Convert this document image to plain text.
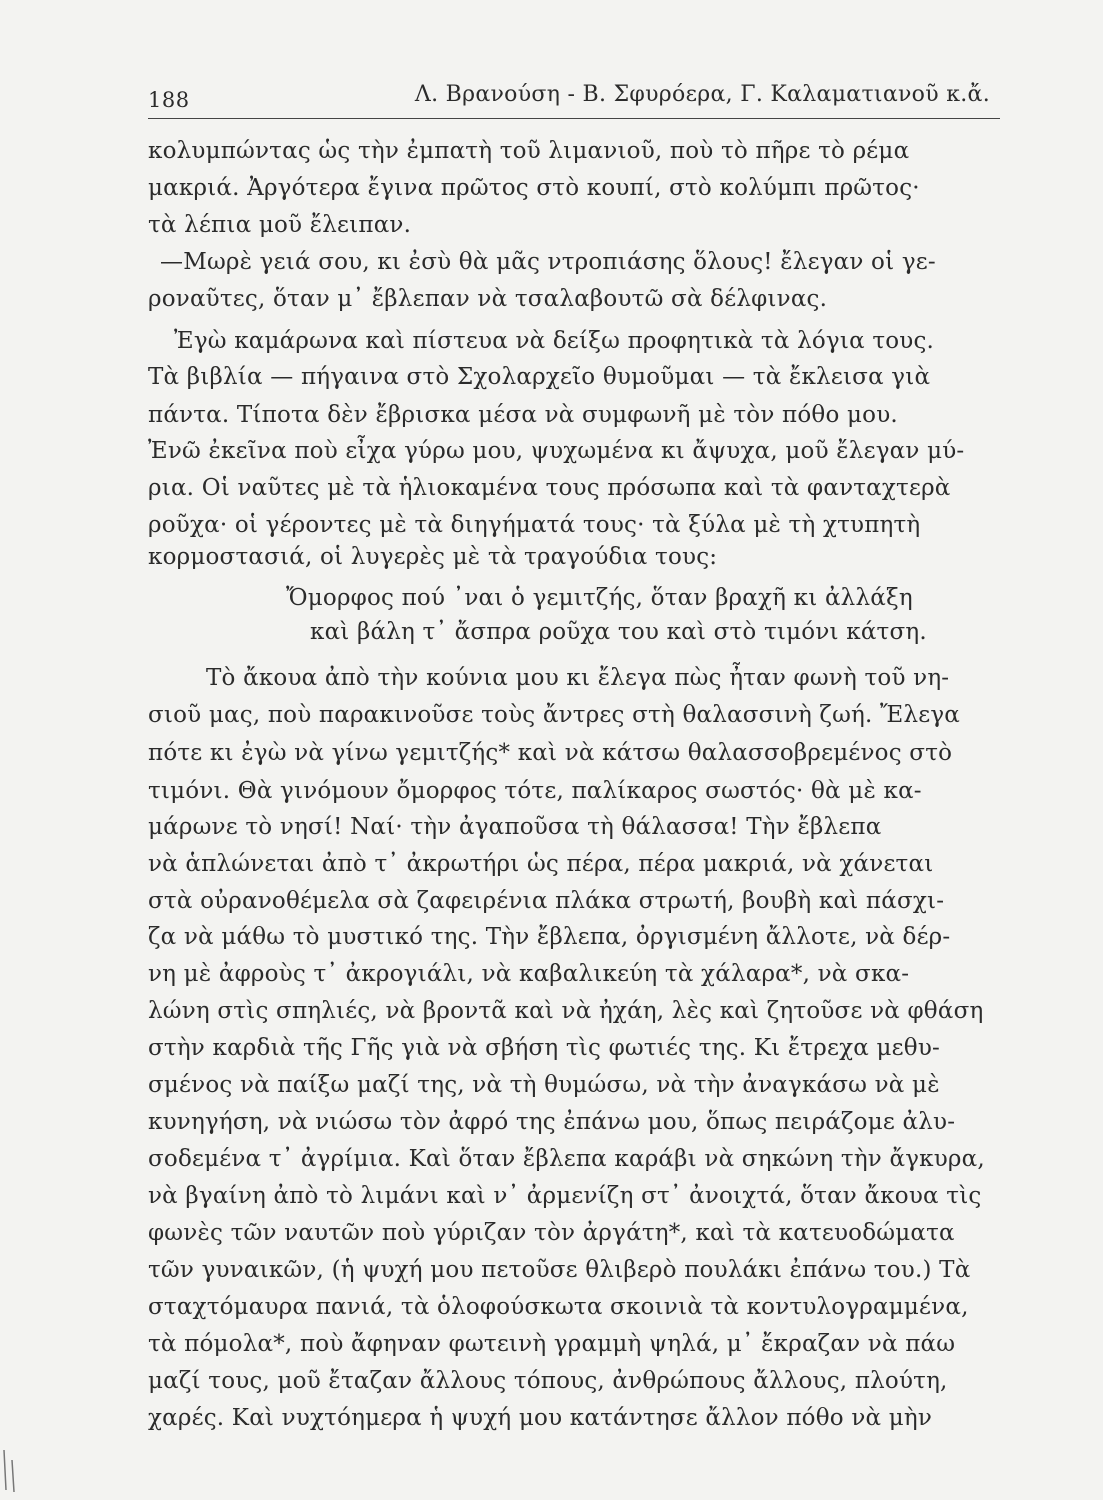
188	Λ. Βρανούση - Β. Σφυρόερα, Γ. Καλαματιανοῦ κ.ἄ.
κολυμπώντας ὡς τὴν ἐμπατὴ τοῦ λιμανιοῦ, ποὺ τὸ πῆρε τὸ ρέμα
μακριά. Ἀργότερα ἔγινα πρῶτος στὸ κουπί, στὸ κολύμπι πρῶτος·
τὰ λέπια μοῦ ἔλειπαν.
—Μωρὲ γειά σου, κι ἐσὺ θὰ μᾶς ντροπιάσης ὅλους! ἔλεγαν οἱ γε-
ροναῦτες, ὅταν μ᾽ ἔβλεπαν νὰ τσαλαβουτῶ σὰ δέλφινας.
Ἐγὼ καμάρωνα καὶ πίστευα νὰ δείξω προφητικὰ τὰ λόγια τους.
Τὰ βιβλία — πήγαινα στὸ Σχολαρχεῖο θυμοῦμαι — τὰ ἔκλεισα γιὰ
πάντα. Τίποτα δὲν ἔβρισκα μέσα νὰ συμφωνῆ μὲ τὸν πόθο μου.
Ἐνῶ ἐκεῖνα ποὺ εἶχα γύρω μου, ψυχωμένα κι ἄψυχα, μοῦ ἔλεγαν μύ-
ρια. Οἱ ναῦτες μὲ τὰ ἡλιοκαμένα τους πρόσωπα καὶ τὰ φανταχτερὰ
ροῦχα· οἱ γέροντες μὲ τὰ διηγήματά τους· τὰ ξύλα μὲ τὴ χτυπητὴ
κορμοστασιά, οἱ λυγερὲς μὲ τὰ τραγούδια τους:
Ὄμορφος πού ᾽ναι ὁ γεμιτζής, ὅταν βραχῆ κι ἀλλάξη
καὶ βάλη τ᾽ ἄσπρα ροῦχα του καὶ στὸ τιμόνι κάτση.
Τὸ ἄκουα ἀπὸ τὴν κούνια μου κι ἔλεγα πὼς ἦταν φωνὴ τοῦ νη-
σιοῦ μας, ποὺ παρακινοῦσε τοὺς ἄντρες στὴ θαλασσινὴ ζωή. Ἔλεγα
πότε κι ἐγὼ νὰ γίνω γεμιτζής* καὶ νὰ κάτσω θαλασσοβρεμένος στὸ
τιμόνι. Θὰ γινόμουν ὄμορφος τότε, παλίκαρος σωστός· θὰ μὲ κα-
μάρωνε τὸ νησί! Ναί· τὴν ἀγαποῦσα τὴ θάλασσα! Τὴν ἔβλεπα
νὰ ἁπλώνεται ἀπὸ τ᾽ ἀκρωτήρι ὡς πέρα, πέρα μακριά, νὰ χάνεται
στὰ οὐρανοθέμελα σὰ ζαφειρένια πλάκα στρωτή, βουβὴ καὶ πάσχι-
ζα νὰ μάθω τὸ μυστικό της. Τὴν ἔβλεπα, ὀργισμένη ἄλλοτε, νὰ δέρ-
νη μὲ ἀφροὺς τ᾽ ἀκρογιάλι, νὰ καβαλικεύη τὰ χάλαρα*, νὰ σκα-
λώνη στὶς σπηλιές, νὰ βροντᾶ καὶ νὰ ἠχάη, λὲς καὶ ζητοῦσε νὰ φθάση
στὴν καρδιὰ τῆς Γῆς γιὰ νὰ σβήση τὶς φωτιές της. Κι ἔτρεχα μεθυ-
σμένος νὰ παίξω μαζί της, νὰ τὴ θυμώσω, νὰ τὴν ἀναγκάσω νὰ μὲ
κυνηγήση, νὰ νιώσω τὸν ἀφρό της ἐπάνω μου, ὅπως πειράζομε ἀλυ-
σοδεμένα τ᾽ ἀγρίμια. Καὶ ὅταν ἔβλεπα καράβι νὰ σηκώνη τὴν ἄγκυρα,
νὰ βγαίνη ἀπὸ τὸ λιμάνι καὶ ν᾽ ἀρμενίζη στ᾽ ἀνοιχτά, ὅταν ἄκουα τὶς
φωνὲς τῶν ναυτῶν ποὺ γύριζαν τὸν ἀργάτη*, καὶ τὰ κατευοδώματα
τῶν γυναικῶν, (ἡ ψυχή μου πετοῦσε θλιβερὸ πουλάκι ἐπάνω του.) Τὰ
σταχτόμαυρα πανιά, τὰ ὁλοφούσκωτα σκοινιὰ τὰ κοντυλογραμμένα,
τὰ πόμολα*, ποὺ ἄφηναν φωτεινὴ γραμμὴ ψηλά, μ᾽ ἔκραζαν νὰ πάω
μαζί τους, μοῦ ἔταζαν ἄλλους τόπους, ἀνθρώπους ἄλλους, πλούτη,
χαρές. Καὶ νυχτόημερα ἡ ψυχή μου κατάντησε ἄλλον πόθο νὰ μὴν
